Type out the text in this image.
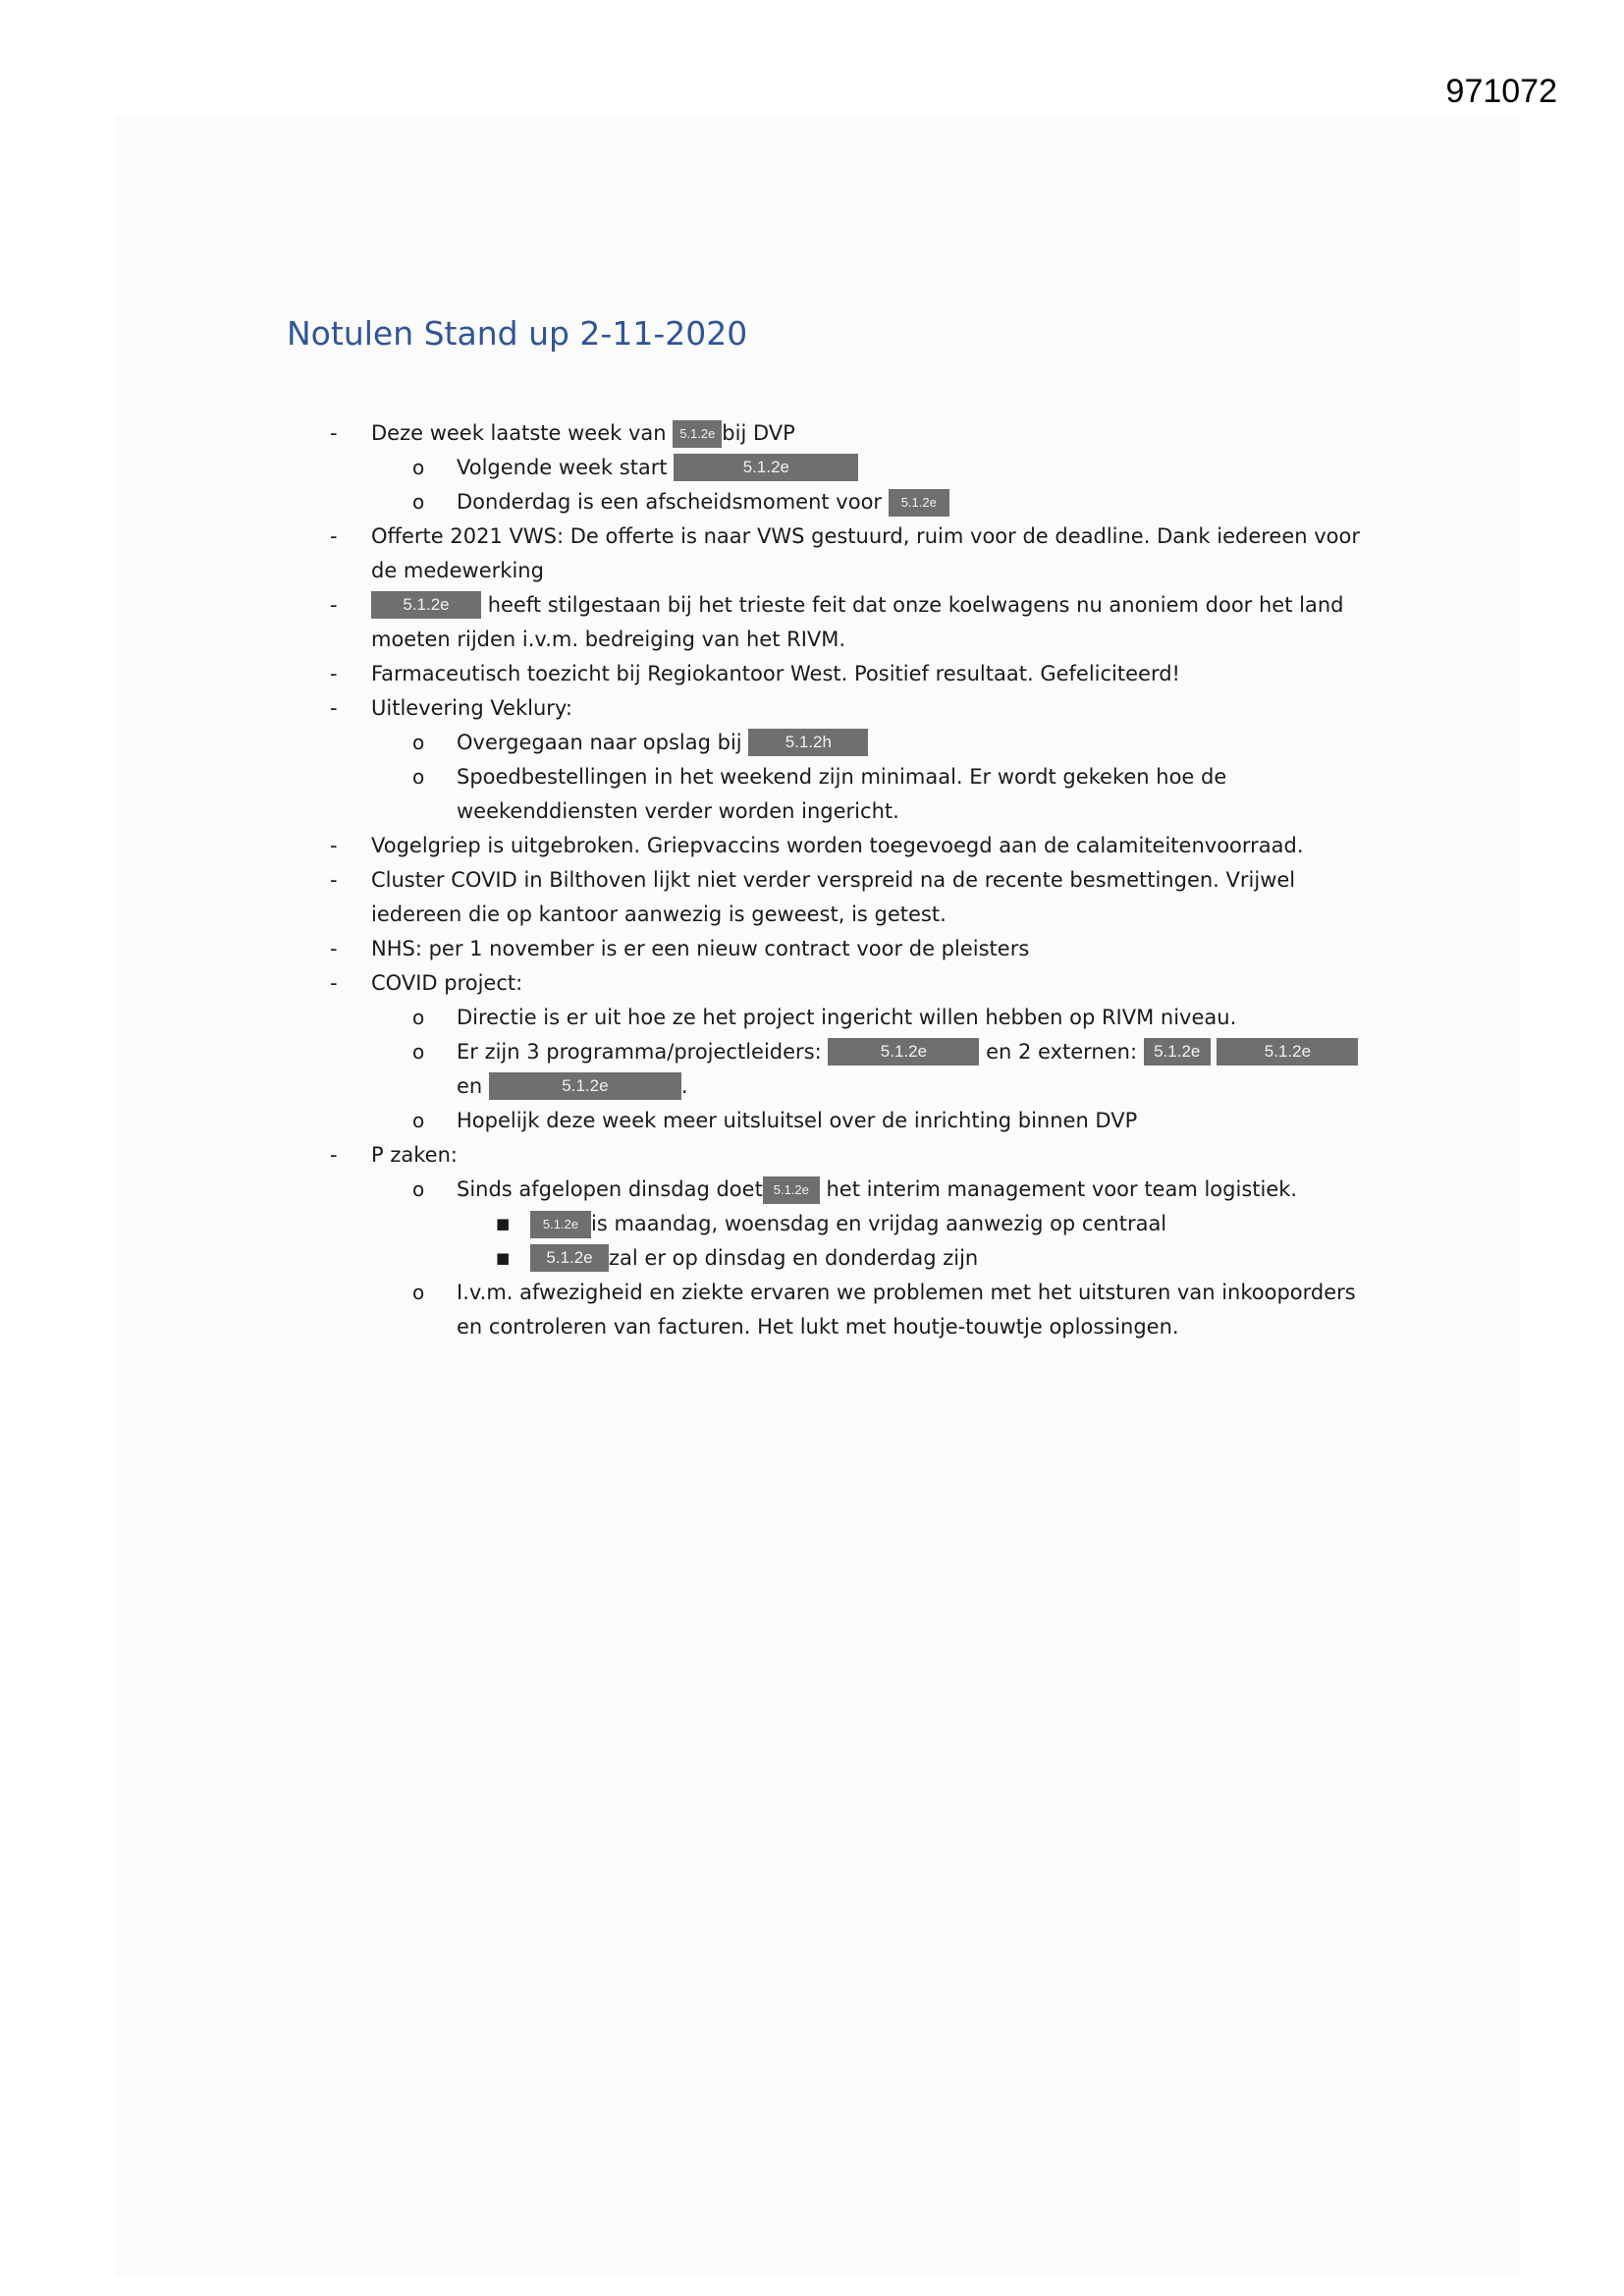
971072
Notulen Stand up 2-11-2020
- Deze week laatste week van 5.1.2e bij DVP
o Volgende week start	5.1.2e
o Donderdag is een afscheidsmoment voor 5.1.2e
- Offerte 2021 VWS: De offerte is naar VWS gestuurd, ruim voor de deadline. Dank iedereen voor de medewerking
-	5.1.2e heeft stilgestaan bij het trieste feit dat onze koelwagens nu anoniem door het land moeten rijden i.v.m. bedreiging van het RIVM.
- Farmaceutisch toezicht bij Regiokantoor West. Positief resultaat. Gefeliciteerd!
- Uitlevering Veklury:
o Overgegaan naar opslag bij	5.1.2h
o Spoedbestellingen in het weekend zijn minimaal. Er wordt gekeken hoe de weekenddiensten verder worden ingericht.
- Vogelgriep is uitgebroken. Griepvaccins worden toegevoegd aan de calamiteitenvoorraad.
- Cluster COVID in Bilthoven lijkt niet verder verspreid na de recente besmettingen. Vrijwel iedereen die op kantoor aanwezig is geweest, is getest.
- NHS: per 1 november is er een nieuw contract voor de pleisters
- COVID project:
o Directie is er uit hoe ze het project ingericht willen hebben op RIVM niveau.
o Er zijn 3 programma/projectleiders:	5.1.2e	en 2 externen: 5.1.2e	5.1.2e en	5.1.2e	.
o Hopelijk deze week meer uitsluitsel over de inrichting binnen DVP
- P zaken:
o Sinds afgelopen dinsdag doet 5.1.2e het interim management voor team logistiek.
■	5.1.2e is maandag, woensdag en vrijdag aanwezig op centraal
■ 5.1.2e zal er op dinsdag en donderdag zijn
o I.v.m. afwezigheid en ziekte ervaren we problemen met het uitsturen van inkooporders en controleren van facturen. Het lukt met houtje-touwtje oplossingen.
